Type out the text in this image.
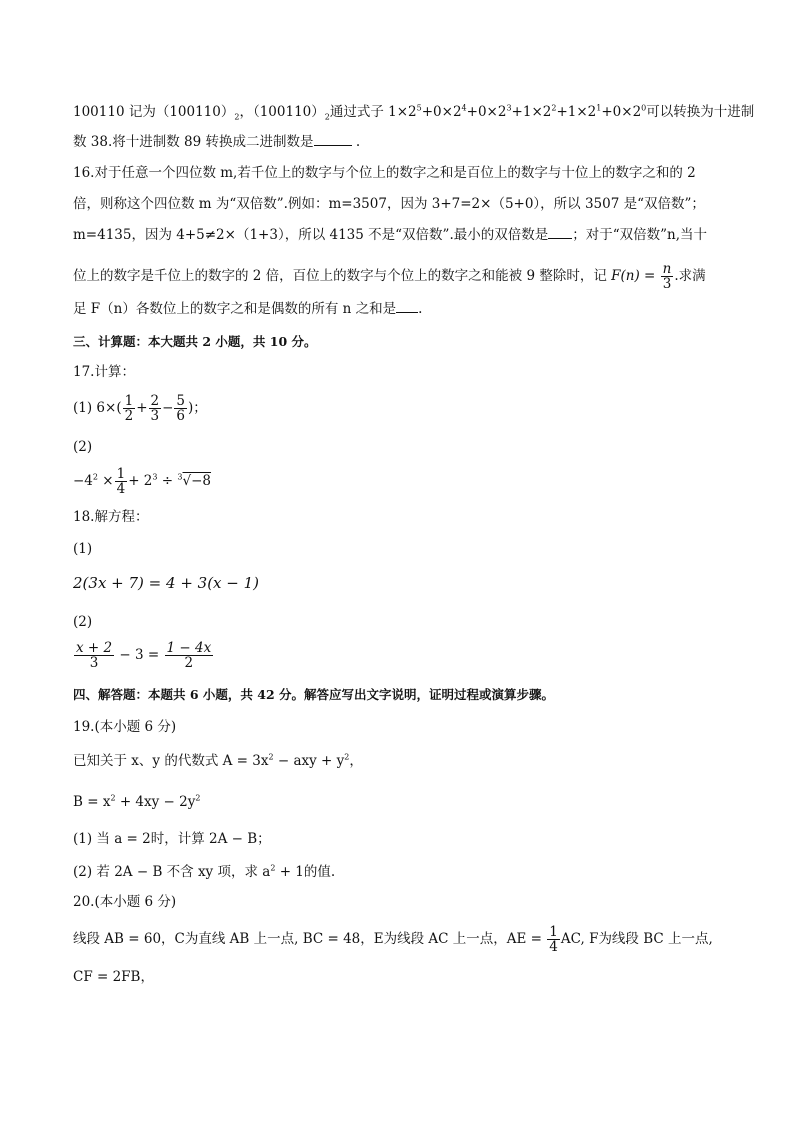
100110 记为$(100110)_2$，$(100110)_2$通过式子 $1\times 2^5+0\times 2^4+0\times 2^3+1\times 2^2+1\times 2^1+0\times 2^0$可以转换为十进制
数 38.将十进制数 89 转换成二进制数是	.
16.对于任意一个四位数 m,若千位上的数字与个位上的数字之和是百位上的数字与十位上的数字之和的 2
倍，则称这个四位数 m 为“双倍数”.例如：m=3507，因为 3+7=2×（5+0），所以 3507 是“双倍数”；
m=4135，因为 4+5≠2×（1+3），所以 4135 不是“双倍数”.最小的双倍数是 ；对于“双倍数”n,当十
位上的数字是千位上的数字的 2 倍，百位上的数字与个位上的数字之和能被 9 整除时，记 $F(n) = \frac{n}{3}$ .求满
足 F（n）各数位上的数字之和是偶数的所有 n 之和是 .
三、计算题：本大题共 2 小题，共 10 分。
17.计算：
(1) $6\times( \frac{1}{2} + \frac{2}{3} - \frac{5}{6}$ )；
(2)
$-4^2 \times \frac{1}{4} + 2^3 \div ^3√-8$
18.解方程：
(1)
2(3x + 7) = 4 + 3(x − 1)
(2)
$\frac{x + 2}{3} - 3 = \frac{1 - 4x}{2}$
四、解答题：本题共 6 小题，共 42 分。解答应写出文字说明，证明过程或演算步骤。
19.(本小题 6 分)
已知关于 x、y 的代数式 $A = 3x^2$ − axy + $y^2$，
$B = x^2 + 4xy - 2y^2$
(1) 当 a = 2时，计算 2A − B；
(2) 若 2A − B 不含 xy 项，求 $a^2 + 1$的值.
20.(本小题 6 分)
线段 AB = 60，C为直线 AB 上一点, BC = 48，E为线段 AC 上一点，AE = $\frac{1}{4}$ AC, F为线段 BC 上一点,
CF = 2FB，
